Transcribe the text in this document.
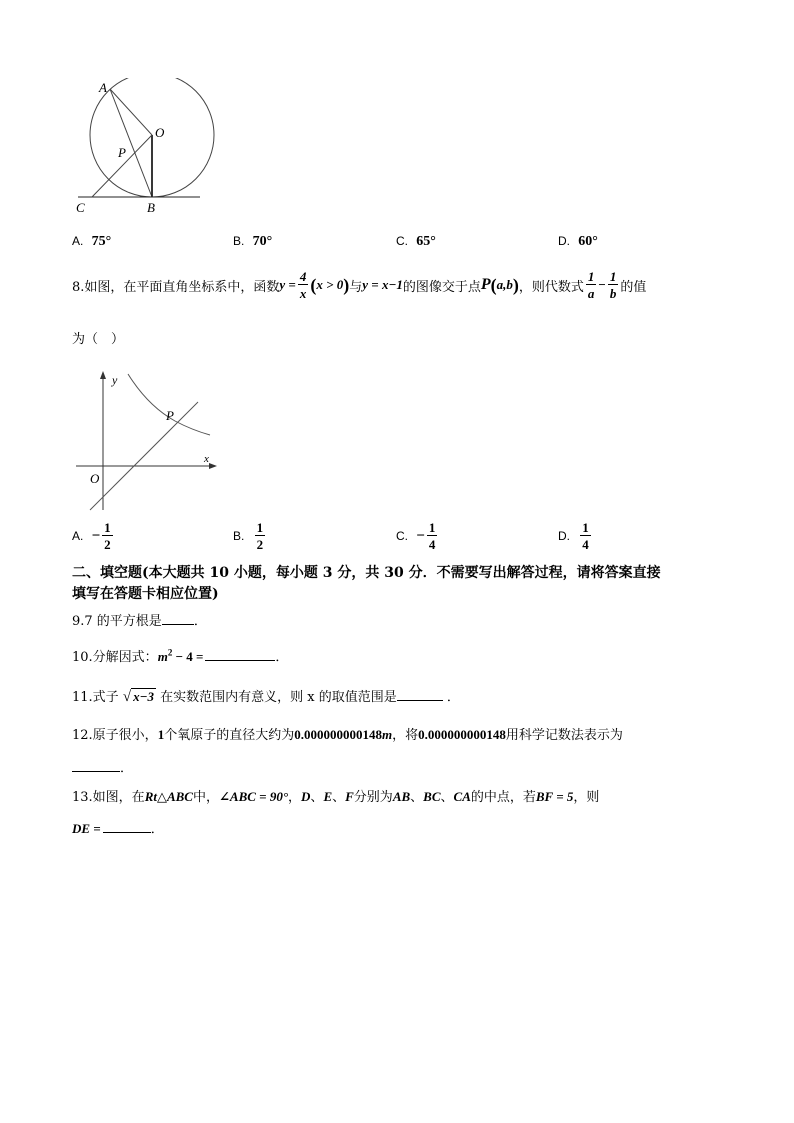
A
O
P
C	B
A. 75°	B. 70°	C. 65°	D. 60°
8.如图，在平面直角坐标系中，函数 $y = \frac{4}{x}$ ( x > 0 ) 与 y = x−1 的图像交于点 P ( a,b ) ，则代数式 $\frac{1}{a} - \frac{1}{b}$ 的值
为（　）
y
x
O
P
A.
− $\frac{1}{2}$	B.
$\frac{1}{2}$	C.
− $\frac{1}{4}$	D.
$\frac{1}{4}$
二、填空题(本大题共 10 小题，每小题 3 分，共 30 分．不需要写出解答过程，请将答案直接
填写在答题卡相应位置)
9.7 的平方根是 ．
10.分解因式：$m^2 - 4$ =	．
11.式子 √ x−3 在实数范围内有意义，则 x 的取值范围是	．
12.原子很小，1个氧原子的直径大约为0.000000000148m，将0.000000000148用科学记数法表示为
．
13.如图，在Rt△ABC中，∠ABC = 90°，D、E、F分别为AB、BC、CA的中点，若BF = 5，则
DE =	．
